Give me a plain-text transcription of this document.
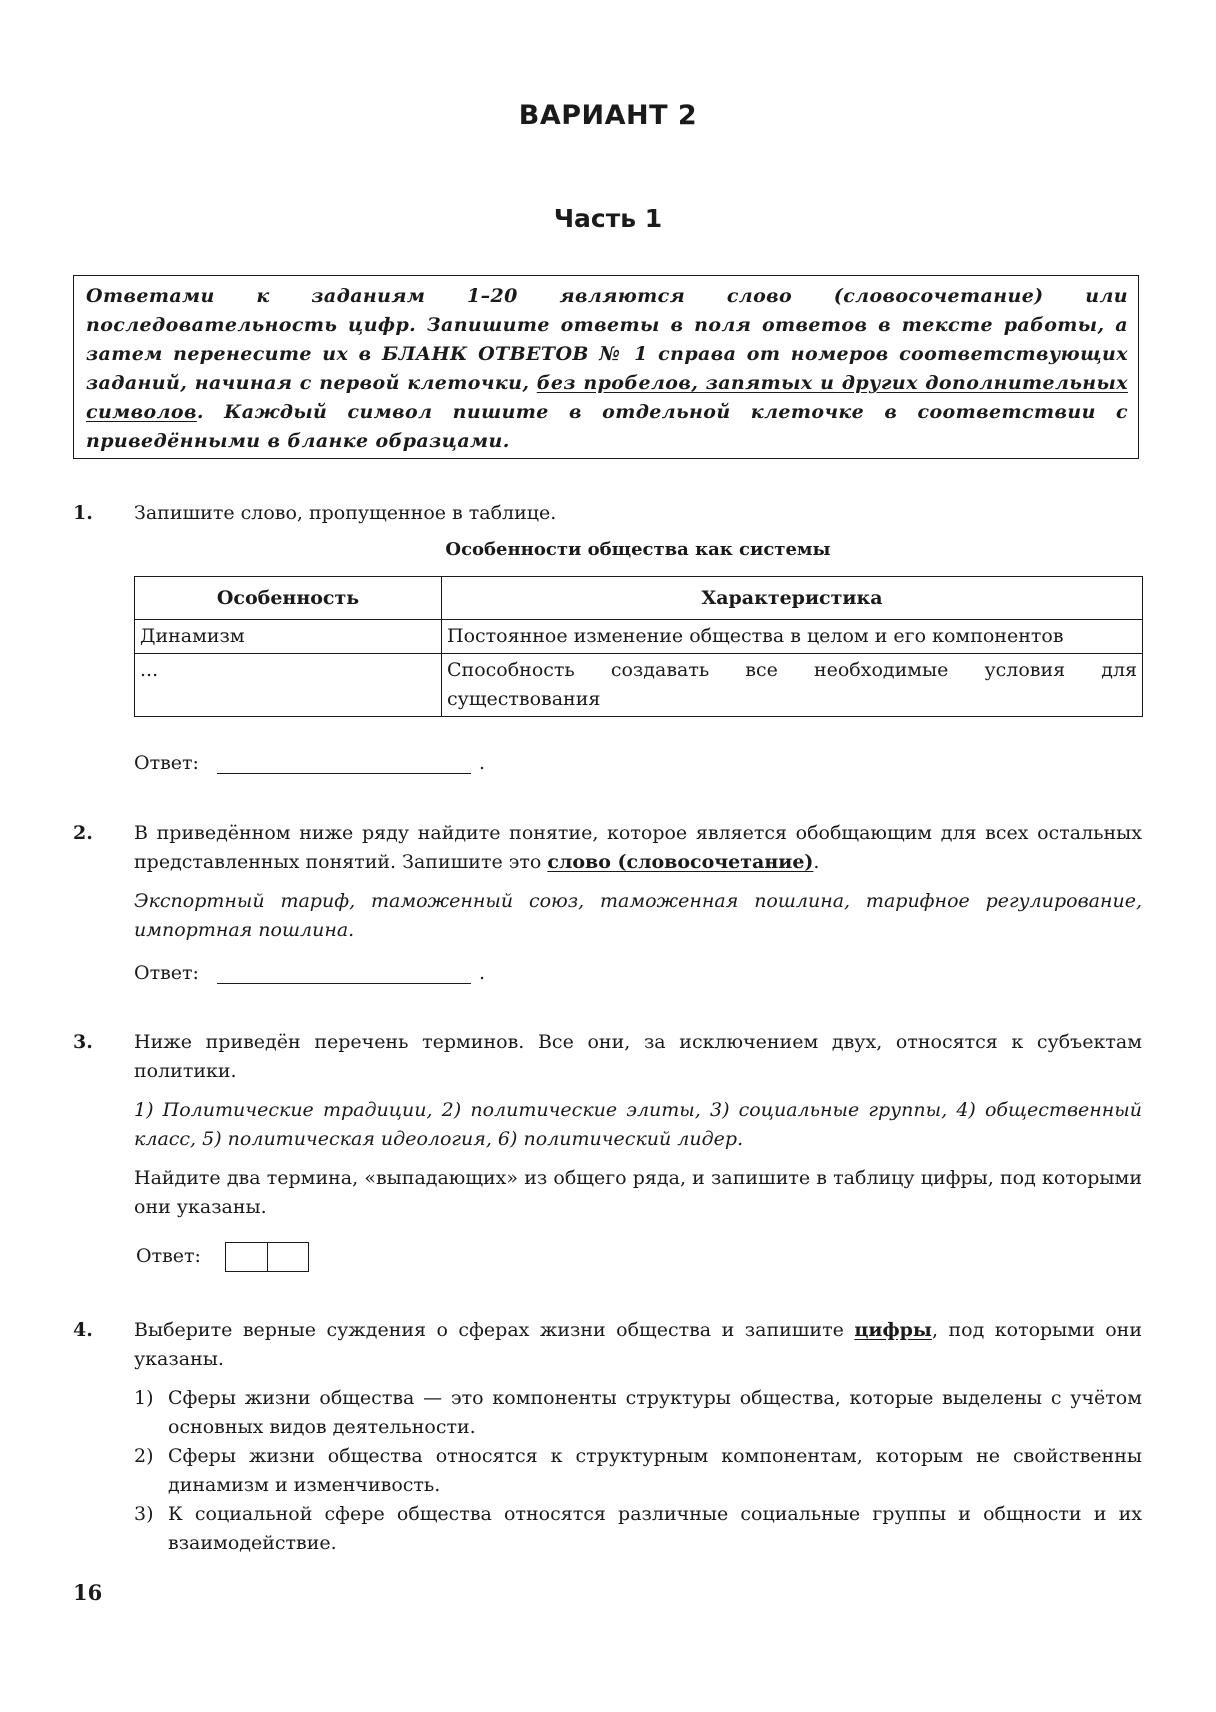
ВАРИАНТ 2
Часть 1

Ответами к заданиям 1–20 являются слово (словосочетание) или последовательность цифр. Запишите ответы в поля ответов в тексте работы, а затем перенесите их в БЛАНК ОТВЕТОВ № 1 справа от номеров соответствующих заданий, начиная с первой клеточки, без пробелов, запятых и других дополнительных символов. Каждый символ пишите в отдельной клеточке в соответствии с приведёнными в бланке образцами.

1. Запишите слово, пропущенное в таблице.
Особенности общества как системы
Особенность	Характеристика
Динамизм	Постоянное изменение общества в целом и его компонентов
...	Способность создавать все необходимые условия для существования
Ответ:	.
2. В приведённом ниже ряду найдите понятие, которое является обобщающим для всех остальных представленных понятий. Запишите это слово (словосочетание).

Экспортный тариф, таможенный союз, таможенная пошлина, тарифное регулирование, импортная пошлина.

Ответ:	.
3. Ниже приведён перечень терминов. Все они, за исключением двух, относятся к субъектам политики.

1) Политические традиции, 2) политические элиты, 3) социальные группы, 4) общественный класс, 5) политическая идеология, 6) политический лидер.

Найдите два термина, «выпадающих» из общего ряда, и запишите в таблицу цифры, под которыми они указаны.

Ответ:
4. Выберите верные суждения о сферах жизни общества и запишите цифры, под которыми они указаны.

1) Сферы жизни общества — это компоненты структуры общества, которые выделены с учётом основных видов деятельности.
2) Сферы жизни общества относятся к структурным компонентам, которым не свойственны динамизм и изменчивость.
3) К социальной сфере общества относятся различные социальные группы и общности и их взаимодействие.
16
